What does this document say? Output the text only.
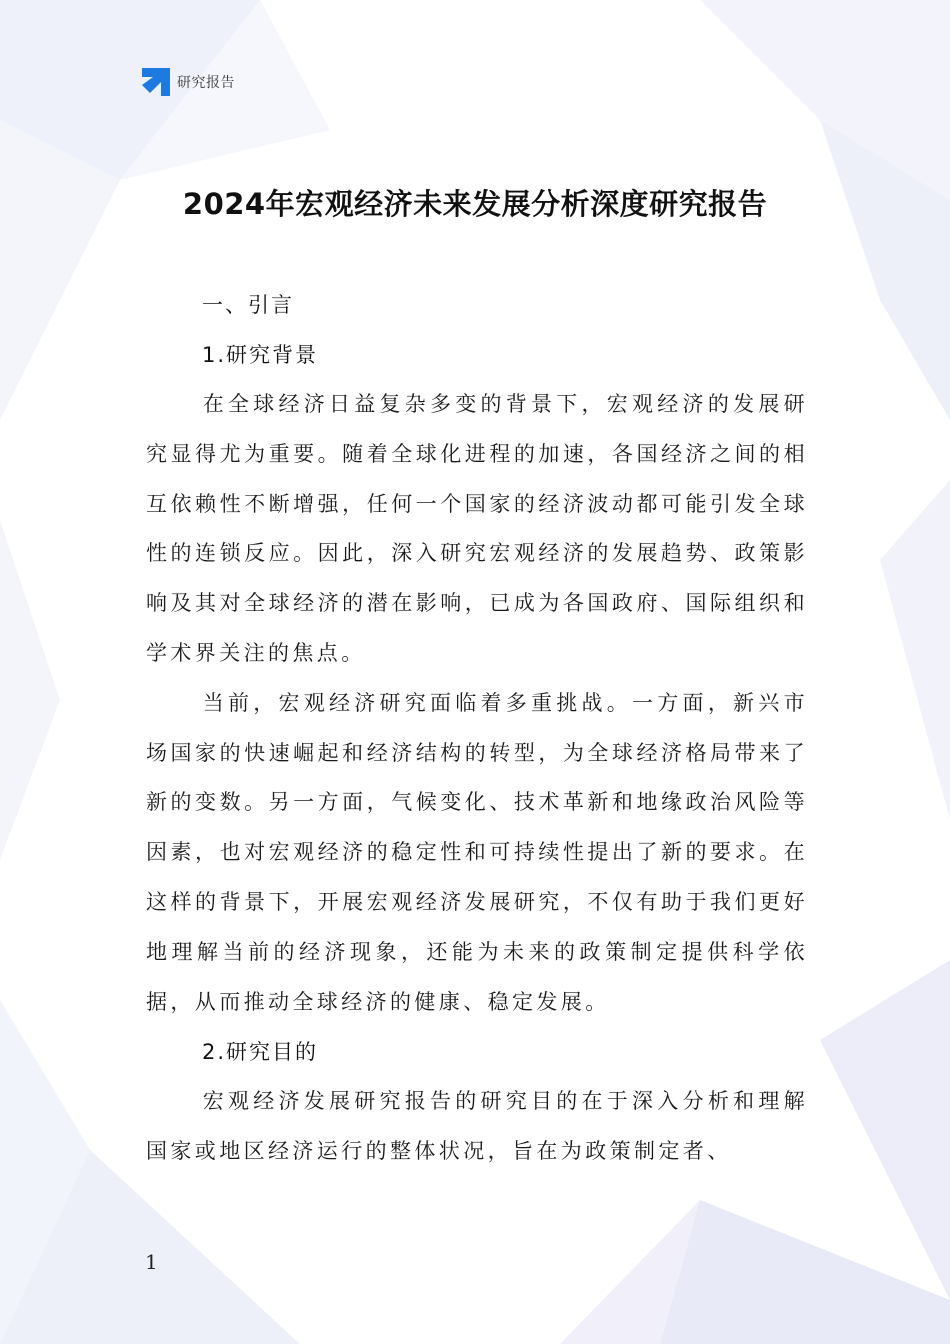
研究报告
2024年宏观经济未来发展分析深度研究报告

一、引言

1.研究背景

在全球经济日益复杂多变的背景下，宏观经济的发展研究显得尤为重要。随着全球化进程的加速，各国经济之间的相互依赖性不断增强，任何一个国家的经济波动都可能引发全球性的连锁反应。因此，深入研究宏观经济的发展趋势、政策影响及其对全球经济的潜在影响，已成为各国政府、国际组织和学术界关注的焦点。

当前，宏观经济研究面临着多重挑战。一方面，新兴市场国家的快速崛起和经济结构的转型，为全球经济格局带来了新的变数。另一方面，气候变化、技术革新和地缘政治风险等因素，也对宏观经济的稳定性和可持续性提出了新的要求。在这样的背景下，开展宏观经济发展研究，不仅有助于我们更好地理解当前的经济现象，还能为未来的政策制定提供科学依据，从而推动全球经济的健康、稳定发展。

2.研究目的

宏观经济发展研究报告的研究目的在于深入分析和理解国家或地区经济运行的整体状况，旨在为政策制定者、

1
